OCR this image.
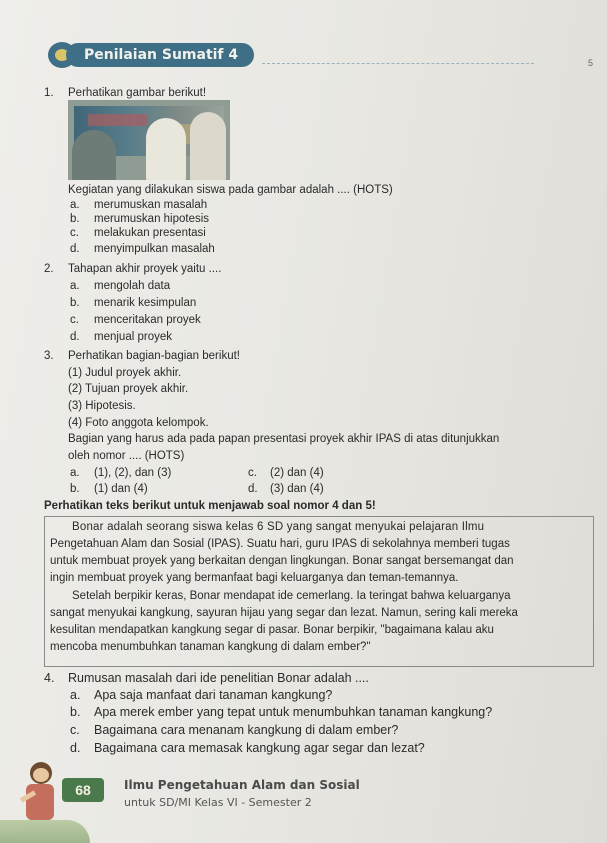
Penilaian Sumatif 4	5
1. Perhatikan gambar berikut!
Kegiatan yang dilakukan siswa pada gambar adalah .... (HOTS)
a. merumuskan masalah
b. merumuskan hipotesis
c. melakukan presentasi
d. menyimpulkan masalah
2. Tahapan akhir proyek yaitu ....
a. mengolah data
b. menarik kesimpulan
c. menceritakan proyek
d. menjual proyek
3. Perhatikan bagian-bagian berikut!
(1) Judul proyek akhir.
(2) Tujuan proyek akhir.
(3) Hipotesis.
(4) Foto anggota kelompok.
Bagian yang harus ada pada papan presentasi proyek akhir IPAS di atas ditunjukkan
oleh nomor .... (HOTS)
a. (1), (2), dan (3)
b. (1) dan (4)
c. (2) dan (4)
d. (3) dan (4)
Perhatikan teks berikut untuk menjawab soal nomor 4 dan 5!
Bonar adalah seorang siswa kelas 6 SD yang sangat menyukai pelajaran Ilmu
Pengetahuan Alam dan Sosial (IPAS). Suatu hari, guru IPAS di sekolahnya memberi tugas
untuk membuat proyek yang berkaitan dengan lingkungan. Bonar sangat bersemangat dan
ingin membuat proyek yang bermanfaat bagi keluarganya dan teman-temannya.
Setelah berpikir keras, Bonar mendapat ide cemerlang. Ia teringat bahwa keluarganya
sangat menyukai kangkung, sayuran hijau yang segar dan lezat. Namun, sering kali mereka
kesulitan mendapatkan kangkung segar di pasar. Bonar berpikir, "bagaimana kalau aku
mencoba menumbuhkan tanaman kangkung di dalam ember?"
4. Rumusan masalah dari ide penelitian Bonar adalah ....
a. Apa saja manfaat dari tanaman kangkung?
b. Apa merek ember yang tepat untuk menumbuhkan tanaman kangkung?
c. Bagaimana cara menanam kangkung di dalam ember?
d. Bagaimana cara memasak kangkung agar segar dan lezat?
68	Ilmu Pengetahuan Alam dan Sosial
untuk SD/MI Kelas VI - Semester 2
